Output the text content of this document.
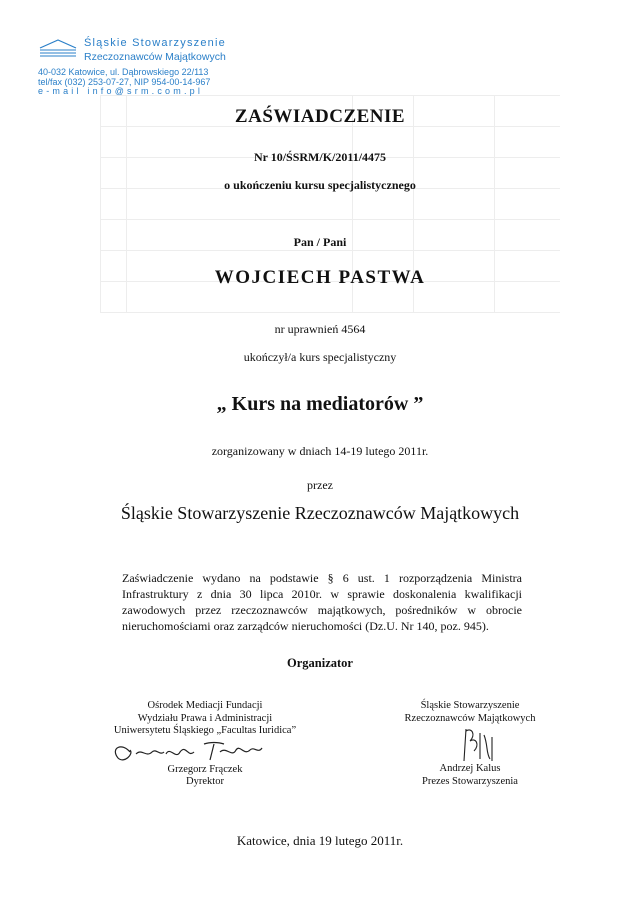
Śląskie Stowarzyszenie
Rzeczoznawców Majątkowych
40-032 Katowice, ul. Dąbrowskiego 22/113
tel/fax (032) 253-07-27, NIP 954-00-14-967
e-mail info@srm.com.pl
ZAŚWIADCZENIE
Nr 10/ŚSRM/K/2011/4475
o ukończeniu kursu specjalistycznego
Pan / Pani
WOJCIECH PASTWA
nr uprawnień 4564
ukończył/a kurs specjalistyczny
„ Kurs na mediatorów ”
zorganizowany w dniach 14-19 lutego 2011r.
przez
Śląskie Stowarzyszenie Rzeczoznawców Majątkowych
Zaświadczenie wydano na podstawie § 6 ust. 1 rozporządzenia Ministra Infrastruktury z dnia 30 lipca 2010r. w sprawie doskonalenia kwalifikacji zawodowych przez rzeczoznawców majątkowych, pośredników w obrocie nieruchomościami oraz zarządców nieruchomości (Dz.U. Nr 140, poz. 945).
Organizator
Ośrodek Mediacji Fundacji
Wydziału Prawa i Administracji
Uniwersytetu Śląskiego „Facultas Iuridica”
Grzegorz Frączek
Dyrektor
Śląskie Stowarzyszenie
Rzeczoznawców Majątkowych
Andrzej Kalus
Prezes Stowarzyszenia
Katowice, dnia 19 lutego 2011r.
